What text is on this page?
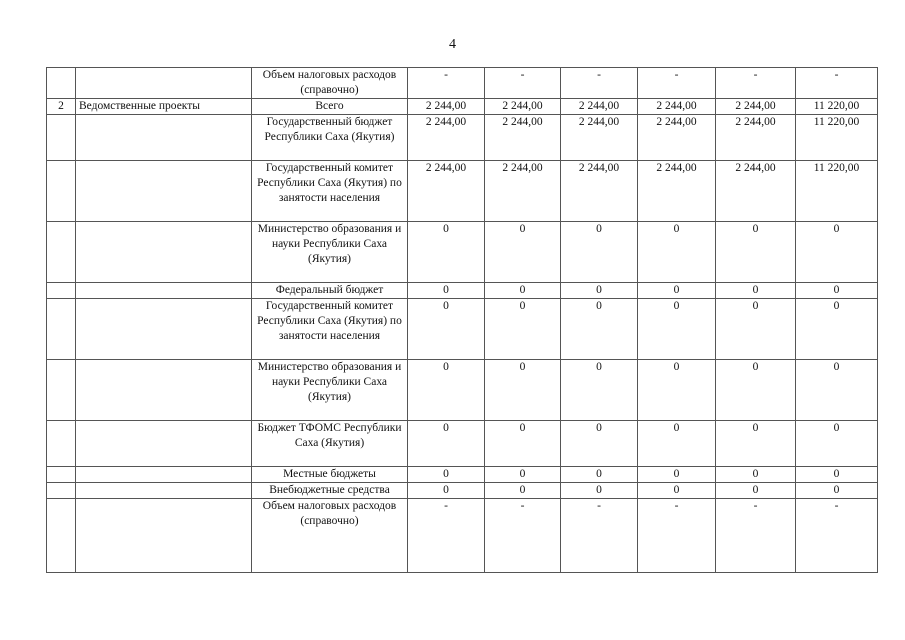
4
		Объем налоговых расходов (справочно)	-	-	-	-	-	-
2	Ведомственные проекты	Всего	2 244,00	2 244,00	2 244,00	2 244,00	2 244,00	11 220,00
		Государственный бюджет Республики Саха (Якутия)	2 244,00	2 244,00	2 244,00	2 244,00	2 244,00	11 220,00
		Государственный комитет Республики Саха (Якутия) по занятости населения	2 244,00	2 244,00	2 244,00	2 244,00	2 244,00	11 220,00
		Министерство образования и науки Республики Саха (Якутия)	0	0	0	0	0	0
		Федеральный бюджет	0	0	0	0	0	0
		Государственный комитет Республики Саха (Якутия) по занятости населения	0	0	0	0	0	0
		Министерство образования и науки Республики Саха (Якутия)	0	0	0	0	0	0
		Бюджет ТФОМС Республики Саха (Якутия)	0	0	0	0	0	0
		Местные бюджеты	0	0	0	0	0	0
		Внебюджетные средства	0	0	0	0	0	0
		Объем налоговых расходов (справочно)	-	-	-	-	-	-
